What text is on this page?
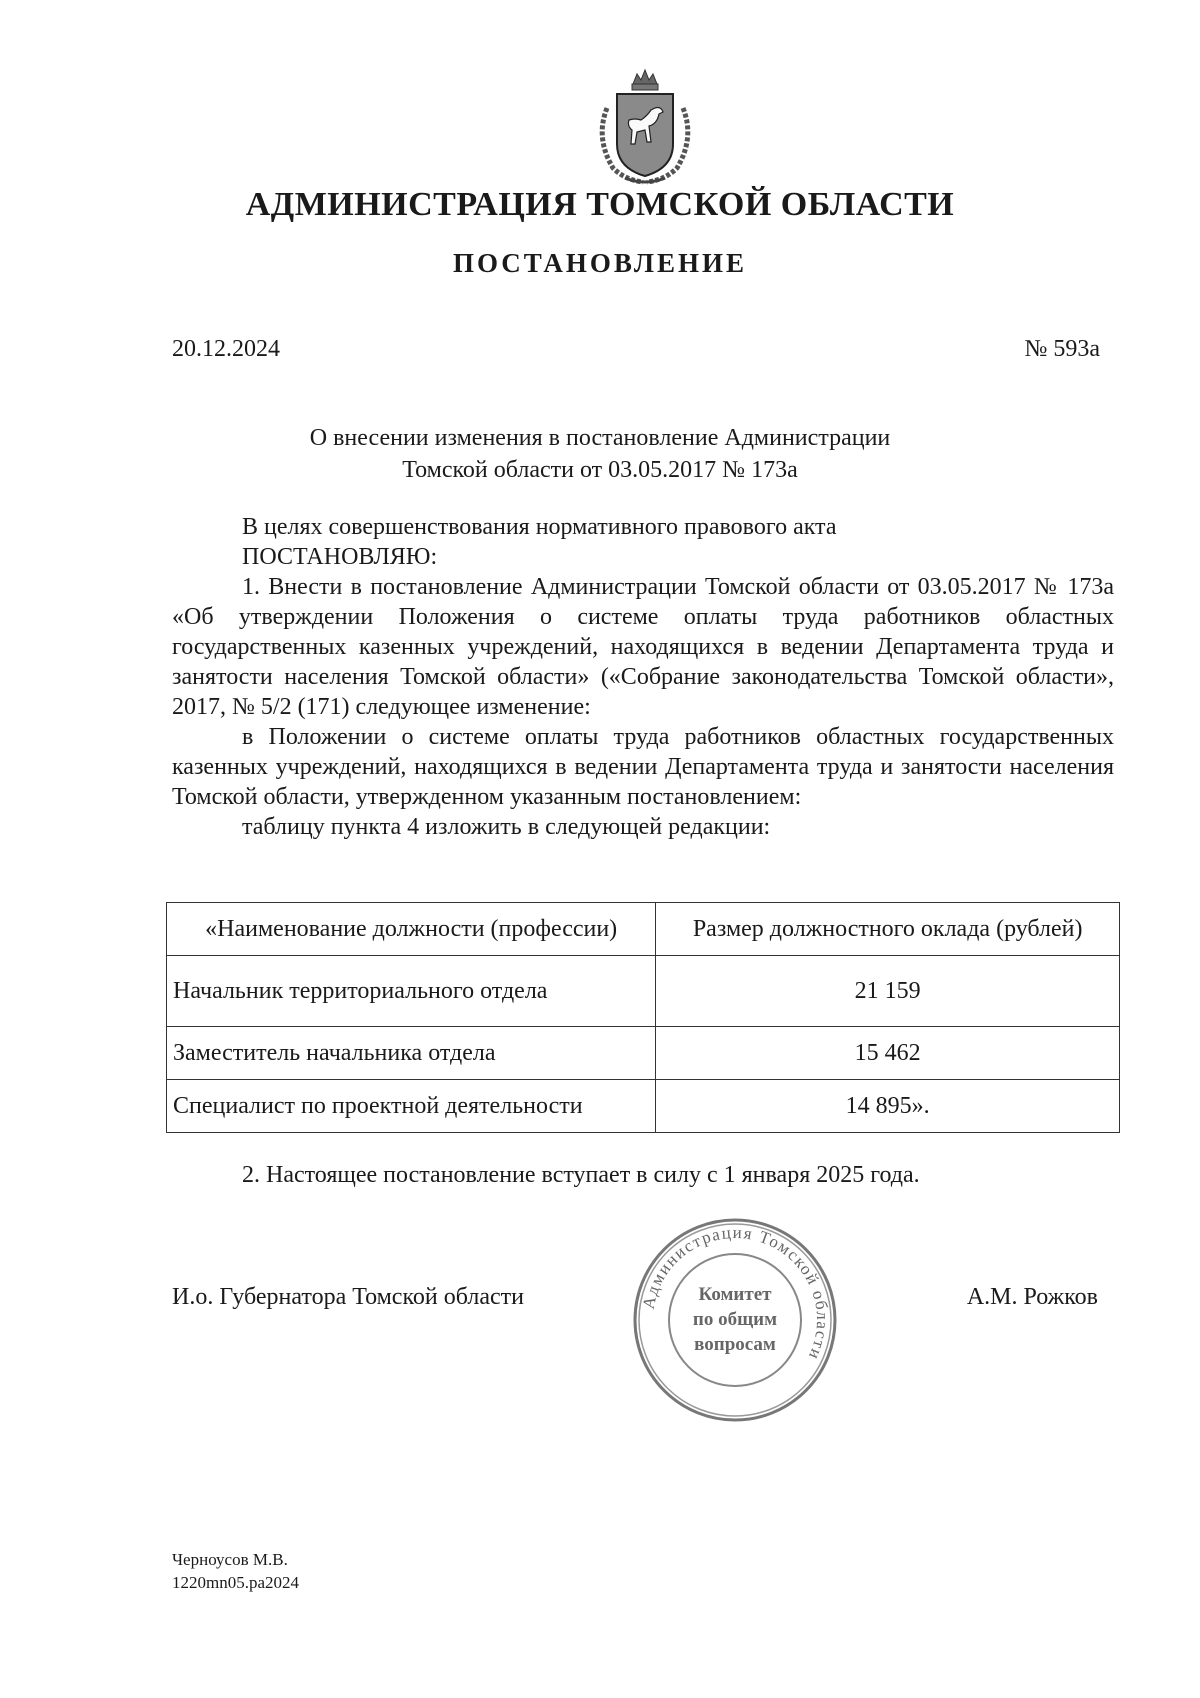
АДМИНИСТРАЦИЯ ТОМСКОЙ ОБЛАСТИ
ПОСТАНОВЛЕНИЕ
20.12.2024	№ 593а
О внесении изменения в постановление Администрации
Томской области от 03.05.2017 № 173а

В целях совершенствования нормативного правового акта

ПОСТАНОВЛЯЮ:

1. Внести в постановление Администрации Томской области от 03.05.2017 № 173а «Об утверждении Положения о системе оплаты труда работников областных государственных казенных учреждений, находящихся в ведении Департамента труда и занятости населения Томской области» («Собрание законодательства Томской области», 2017, № 5/2 (171) следующее изменение:

в Положении о системе оплаты труда работников областных государственных казенных учреждений, находящихся в ведении Департамента труда и занятости населения Томской области, утвержденном указанным постановлением:

таблицу пункта 4 изложить в следующей редакции:

«Наименование должности (профессии)	Размер должностного оклада (рублей)
Начальник территориального отдела	21 159
Заместитель начальника отдела	15 462
Специалист по проектной деятельности	14 895».
2. Настоящее постановление вступает в силу с 1 января 2025 года.
И.о. Губернатора Томской области	А.М. Рожков
Администрация Томской области
Комитет
по общим
вопросам
Черноусов М.В.
1220mn05.pa2024
